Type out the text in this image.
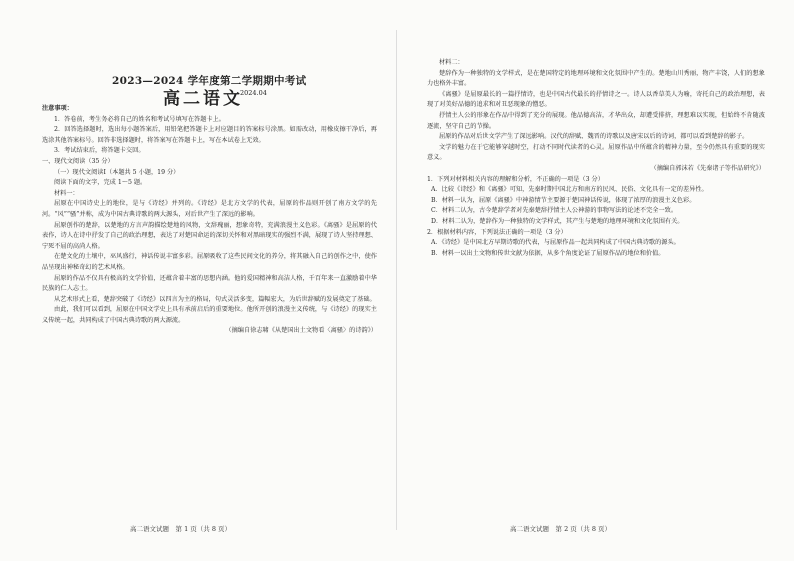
2023—2024 学年度第二学期期中考试
高二语文
2024.04

注意事项：

1．答卷前，考生务必将自己的姓名和考试号填写在答题卡上。

2．回答选择题时，选出每小题答案后，用铅笔把答题卡上对应题目的答案标号涂黑。如需改动，用橡皮擦干净后，再选涂其他答案标号。回答非选择题时，将答案写在答题卡上，写在本试卷上无效。

3．考试结束后，将答题卡交回。

一、现代文阅读（35 分）

（一）现代文阅读Ⅰ（本题共 5 小题，19 分）

阅读下面的文字，完成 1～5 题。

材料一：

屈原在中国诗史上的地位，是与《诗经》并列的。《诗经》是北方文学的代表，屈原的作品则开创了南方文学的先河。“风”“骚”并称，成为中国古典诗歌的两大源头，对后世产生了深远的影响。

屈原创作的楚辞，以楚地的方言声韵描绘楚地的风物，文辞瑰丽，想象奇特，充满浪漫主义色彩。《离骚》是屈原的代表作，诗人在诗中抒发了自己的政治理想，表达了对楚国命运的深切关怀和对黑暗现实的强烈不满，展现了诗人坚持理想、宁死不屈的高尚人格。

在楚文化的土壤中，巫风盛行，神话传说丰富多彩。屈原吸收了这些民间文化的养分，将其融入自己的创作之中，使作品呈现出神秘奇幻的艺术风格。

屈原的作品不仅具有极高的文学价值，还蕴含着丰富的思想内涵。他的爱国精神和高洁人格，千百年来一直激励着中华民族的仁人志士。

从艺术形式上看，楚辞突破了《诗经》以四言为主的格局，句式灵活多变，篇幅宏大，为后世辞赋的发展奠定了基础。

由此，我们可以看到，屈原在中国文学史上具有承前启后的重要地位。他所开创的浪漫主义传统，与《诗经》的现实主义传统一起，共同构成了中国古典诗歌的两大源流。

（摘编自徐志啸《从楚国出土文物看〈离骚〉的诗韵》）

高二语文试题　第 1 页（共 8 页）

材料二：

楚辞作为一种独特的文学样式，是在楚国特定的地理环境和文化氛围中产生的。楚地山川秀丽，物产丰饶，人们的想象力也格外丰富。

《离骚》是屈原最长的一篇抒情诗，也是中国古代最长的抒情诗之一。诗人以香草美人为喻，寄托自己的政治理想，表现了对美好品德的追求和对丑恶现象的憎恶。

抒情主人公的形象在作品中得到了充分的展现。他品德高洁，才华出众，却遭受排挤，理想难以实现，但始终不肯随波逐流，坚守自己的节操。

屈原的作品对后世文学产生了深远影响。汉代的辞赋、魏晋的诗歌以及唐宋以后的诗词，都可以看到楚辞的影子。

文学的魅力在于它能够穿越时空，打动不同时代读者的心灵。屈原作品中所蕴含的精神力量，至今仍然具有重要的现实意义。

（摘编自郭沫若《先秦诸子等作品研究》）

1．下列对材料相关内容的理解和分析，不正确的一项是（3 分）

A．比较《诗经》和《离骚》可知，先秦时期中国北方和南方的民风、民俗、文化具有一定的差异性。

B．材料一认为，屈原《离骚》中神游情节主要源于楚国神话传说，体现了浓厚的浪漫主义色彩。

C．材料二认为，古今楚辞学者对先秦楚辞抒情主人公神游的事物写法的论述不完全一致。

D．材料二认为，楚辞作为一种独特的文学样式，其产生与楚地的地理环境和文化氛围有关。

2．根据材料内容，下列说法正确的一项是（3 分）

A．《诗经》是中国北方早期诗歌的代表，与屈原作品一起共同构成了中国古典诗歌的源头。

B．材料一以出土文物和传世文献为依据，从多个角度论证了屈原作品的地位和价值。

高二语文试题　第 2 页（共 8 页）
